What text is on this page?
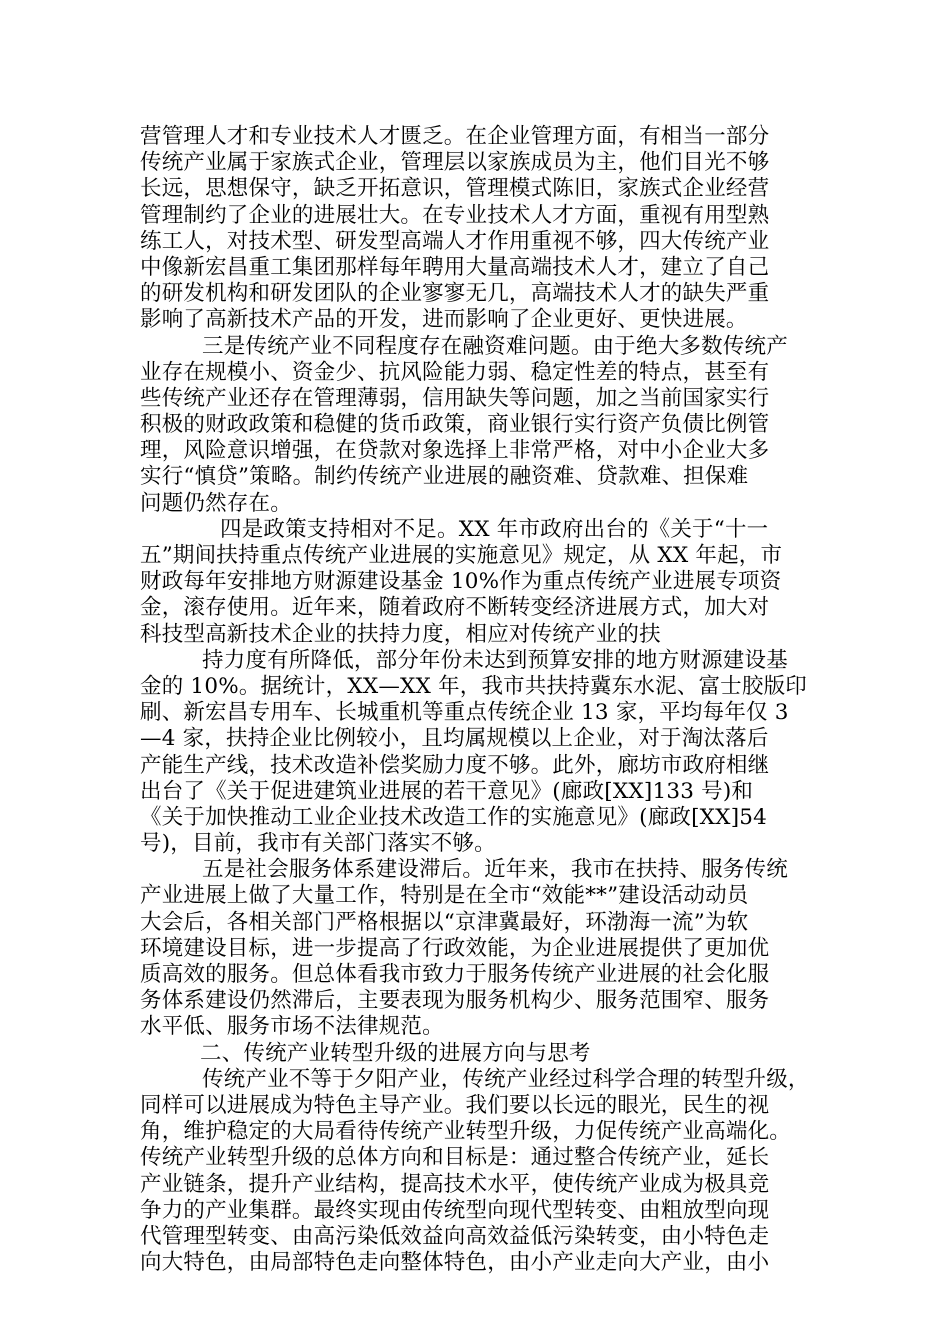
营管理人才和专业技术人才匮乏。在企业管理方面，有相当一部分
传统产业属于家族式企业，管理层以家族成员为主，他们目光不够
长远，思想保守，缺乏开拓意识，管理模式陈旧，家族式企业经营
管理制约了企业的进展壮大。在专业技术人才方面，重视有用型熟
练工人，对技术型、研发型高端人才作用重视不够，四大传统产业
中像新宏昌重工集团那样每年聘用大量高端技术人才，建立了自己
的研发机构和研发团队的企业寥寥无几，高端技术人才的缺失严重
影响了高新技术产品的开发，进而影响了企业更好、更快进展。
三是传统产业不同程度存在融资难问题。由于绝大多数传统产
业存在规模小、资金少、抗风险能力弱、稳定性差的特点，甚至有
些传统产业还存在管理薄弱，信用缺失等问题，加之当前国家实行
积极的财政政策和稳健的货币政策，商业银行实行资产负债比例管
理，风险意识增强，在贷款对象选择上非常严格，对中小企业大多
实行“慎贷”策略。制约传统产业进展的融资难、贷款难、担保难
问题仍然存在。
四是政策支持相对不足。XX 年市政府出台的《关于“十一
五”期间扶持重点传统产业进展的实施意见》规定，从 XX 年起，市
财政每年安排地方财源建设基金 10%作为重点传统产业进展专项资
金，滚存使用。近年来，随着政府不断转变经济进展方式，加大对
科技型高新技术企业的扶持力度，相应对传统产业的扶
持力度有所降低，部分年份未达到预算安排的地方财源建设基
金的 10%。据统计，XX—XX 年，我市共扶持冀东水泥、富士胶版印
刷、新宏昌专用车、长城重机等重点传统企业 13 家，平均每年仅 3
—4 家，扶持企业比例较小，且均属规模以上企业，对于淘汰落后
产能生产线，技术改造补偿奖励力度不够。此外，廊坊市政府相继
出台了《关于促进建筑业进展的若干意见》(廊政[XX]133 号)和
《关于加快推动工业企业技术改造工作的实施意见》(廊政[XX]54
号)，目前，我市有关部门落实不够。
五是社会服务体系建设滞后。近年来，我市在扶持、服务传统
产业进展上做了大量工作，特别是在全市“效能**”建设活动动员
大会后，各相关部门严格根据以“京津冀最好，环渤海一流”为软
环境建设目标，进一步提高了行政效能，为企业进展提供了更加优
质高效的服务。但总体看我市致力于服务传统产业进展的社会化服
务体系建设仍然滞后，主要表现为服务机构少、服务范围窄、服务
水平低、服务市场不法律规范。
二、传统产业转型升级的进展方向与思考
传统产业不等于夕阳产业，传统产业经过科学合理的转型升级，
同样可以进展成为特色主导产业。我们要以长远的眼光，民生的视
角，维护稳定的大局看待传统产业转型升级，力促传统产业高端化。
传统产业转型升级的总体方向和目标是：通过整合传统产业，延长
产业链条，提升产业结构，提高技术水平，使传统产业成为极具竞
争力的产业集群。最终实现由传统型向现代型转变、由粗放型向现
代管理型转变、由高污染低效益向高效益低污染转变，由小特色走
向大特色，由局部特色走向整体特色，由小产业走向大产业，由小
